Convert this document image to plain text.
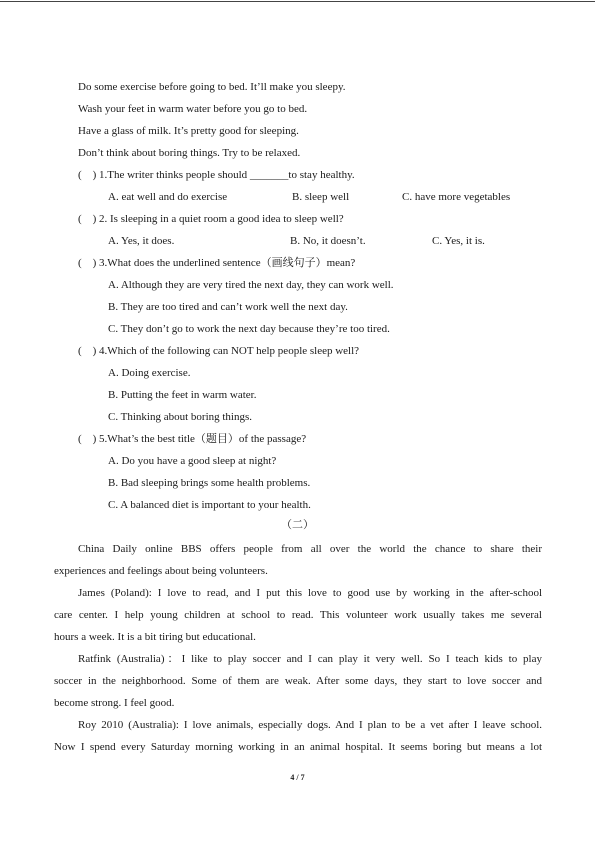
Do some exercise before going to bed. It’ll make you sleepy.
Wash your feet in warm water before you go to bed.
Have a glass of milk. It’s pretty good for sleeping.
Don’t think about boring things. Try to be relaxed.
(    ) 1.The writer thinks people should _______to stay healthy.
A. eat well and do exercise	B. sleep well	C. have more vegetables
(    ) 2. Is sleeping in a quiet room a good idea to sleep well?
A. Yes, it does.	B. No, it doesn’t.	C. Yes, it is.
(    ) 3.What does the underlined sentence（画线句子）mean?
A. Although they are very tired the next day, they can work well.
B. They are too tired and can’t work well the next day.
C. They don’t go to work the next day because they’re too tired.
(    ) 4.Which of the following can NOT help people sleep well?
A. Doing exercise.
B. Putting the feet in warm water.
C. Thinking about boring things.
(    ) 5.What’s the best title（题目）of the passage?
A. Do you have a good sleep at night?
B. Bad sleeping brings some health problems.
C. A balanced diet is important to your health.
（二）
China Daily online BBS offers people from all over the world the chance to share their
experiences and feelings about being volunteers.
James (Poland): I love to read, and I put this love to good use by working in the after-school
care center. I help young children at school to read. This volunteer work usually takes me several
hours a week. It is a bit tiring but educational.
Ratfink (Australia)：I like to play soccer and I can play it very well. So I teach kids to play
soccer in the neighborhood. Some of them are weak. After some days, they start to love soccer and
become strong. I feel good.
Roy 2010 (Australia): I love animals, especially dogs. And I plan to be a vet after I leave school.
Now I spend every Saturday morning working in an animal hospital. It seems boring but means a lot
4 / 7
